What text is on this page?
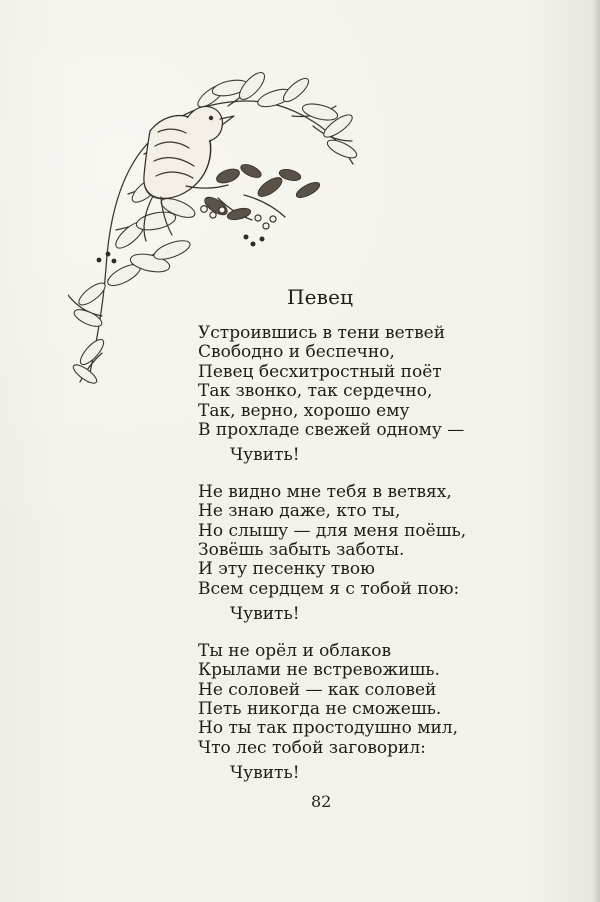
Певец
Устроившись в тени ветвей
Свободно и беспечно,
Певец бесхитростный поёт
Так звонко, так сердечно,
Так, верно, хорошо ему
В прохладе свежей одному —
Чувить!
Не видно мне тебя в ветвях,
Не знаю даже, кто ты,
Но слышу — для меня поёшь,
Зовёшь забыть заботы.
И эту песенку твою
Всем сердцем я с тобой пою:
Чувить!
Ты не орёл и облаков
Крылами не встревожишь.
Не соловей — как соловей
Петь никогда не сможешь.
Но ты так простодушно мил,
Что лес тобой заговорил:
Чувить!
82
